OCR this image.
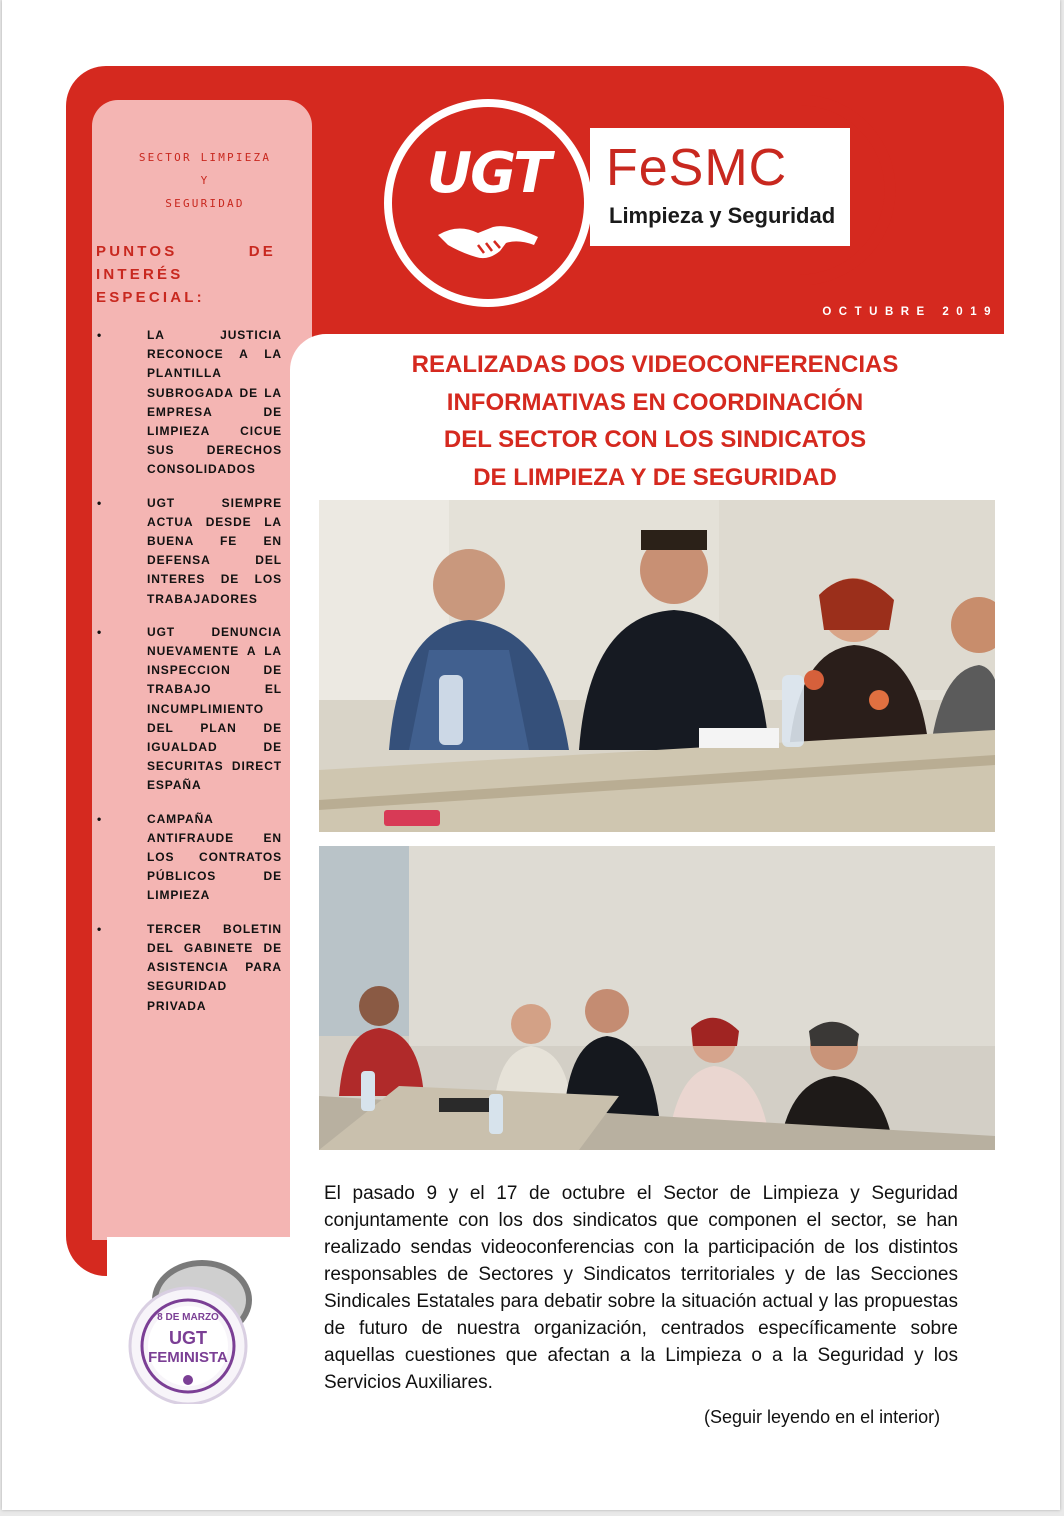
SECTOR LIMPIEZA
Y
SEGURIDAD
PUNTOS DE INTERÉS ESPECIAL:
•	LA JUSTICIA RECONOCE A LA PLANTILLA SUBROGADA DE LA EMPRESA DE LIMPIEZA CICUE SUS DERECHOS CONSOLIDADOS
•	UGT SIEMPRE ACTUA DESDE LA BUENA FE EN DEFENSA DEL INTERES DE LOS TRABAJADORES
•	UGT DENUNCIA NUEVAMENTE A LA INSPECCION DE TRABAJO EL INCUMPLIMIENTO DEL PLAN DE IGUALDAD DE SECURITAS DIRECT ESPAÑA
•	CAMPAÑA ANTIFRAUDE EN LOS CONTRATOS PÚBLICOS DE LIMPIEZA
•	TERCER BOLETIN DEL GABINETE DE ASISTENCIA PARA SEGURIDAD PRIVADA
UGT	FeSMC
Limpieza y Seguridad
OCTUBRE 2019
REALIZADAS DOS VIDEOCONFERENCIAS
INFORMATIVAS EN COORDINACIÓN
DEL SECTOR CON LOS SINDICATOS
DE LIMPIEZA Y DE SEGURIDAD
El pasado 9 y el 17 de octubre el Sector de Limpieza y Seguridad conjuntamente con los dos sindicatos que componen el sector, se han realizado sendas videoconferencias con la participación de los distintos responsables de Sectores y Sindicatos territoriales y de las Secciones Sindicales Estatales para debatir sobre la situación actual y las propuestas de futuro de nuestra organización, centrados específicamente sobre aquellas cuestiones que afectan a la Limpieza o a la Seguridad y los Servicios Auxiliares.
(Seguir leyendo en el interior)
8 DE MARZO
UGT
FEMINISTA
